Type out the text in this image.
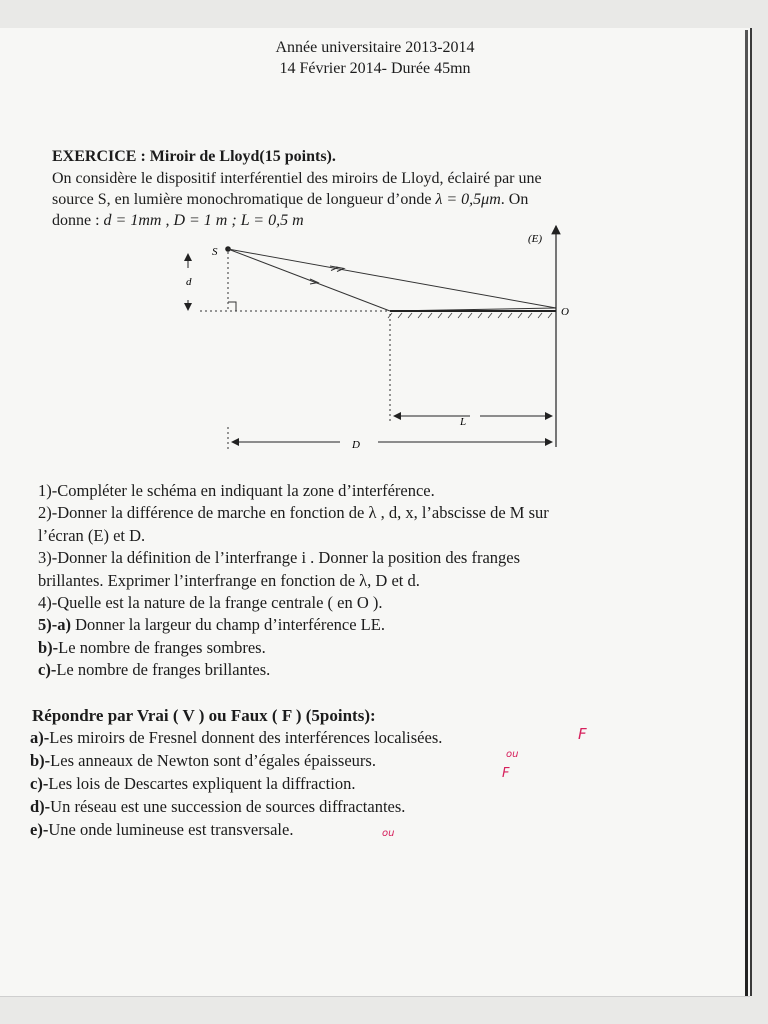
Année universitaire 2013-2014
14 Février 2014- Durée 45mn
EXERCICE : Miroir de Lloyd(15 points).
On considère le dispositif interférentiel des miroirs de Lloyd, éclairé par une
source S, en lumière monochromatique de longueur d’onde λ = 0,5μm. On
donne : d = 1mm , D = 1 m ; L = 0,5 m
S
d
(E)
O
L
D
1)-Compléter le schéma en indiquant la zone d’interférence.
2)-Donner la différence de marche en fonction de λ , d, x, l’abscisse de M sur
l’écran (E) et D.
3)-Donner la définition de l’interfrange i . Donner la position des franges
brillantes. Exprimer l’interfrange en fonction de λ, D et d.
4)-Quelle est la nature de la frange centrale ( en O ).
5)-a) Donner la largeur du champ d’interférence LE.
b)-Le nombre de franges sombres.
c)-Le nombre de franges brillantes.
Répondre par Vrai ( V ) ou Faux ( F ) (5points):
a)-Les miroirs de Fresnel donnent des interférences localisées.	F
b)-Les anneaux de Newton sont d’égales épaisseurs.	ou
c)-Les lois de Descartes expliquent la diffraction.
F
d)-Un réseau est une succession de sources diffractantes.
e)-Une onde lumineuse est transversale.	ou
